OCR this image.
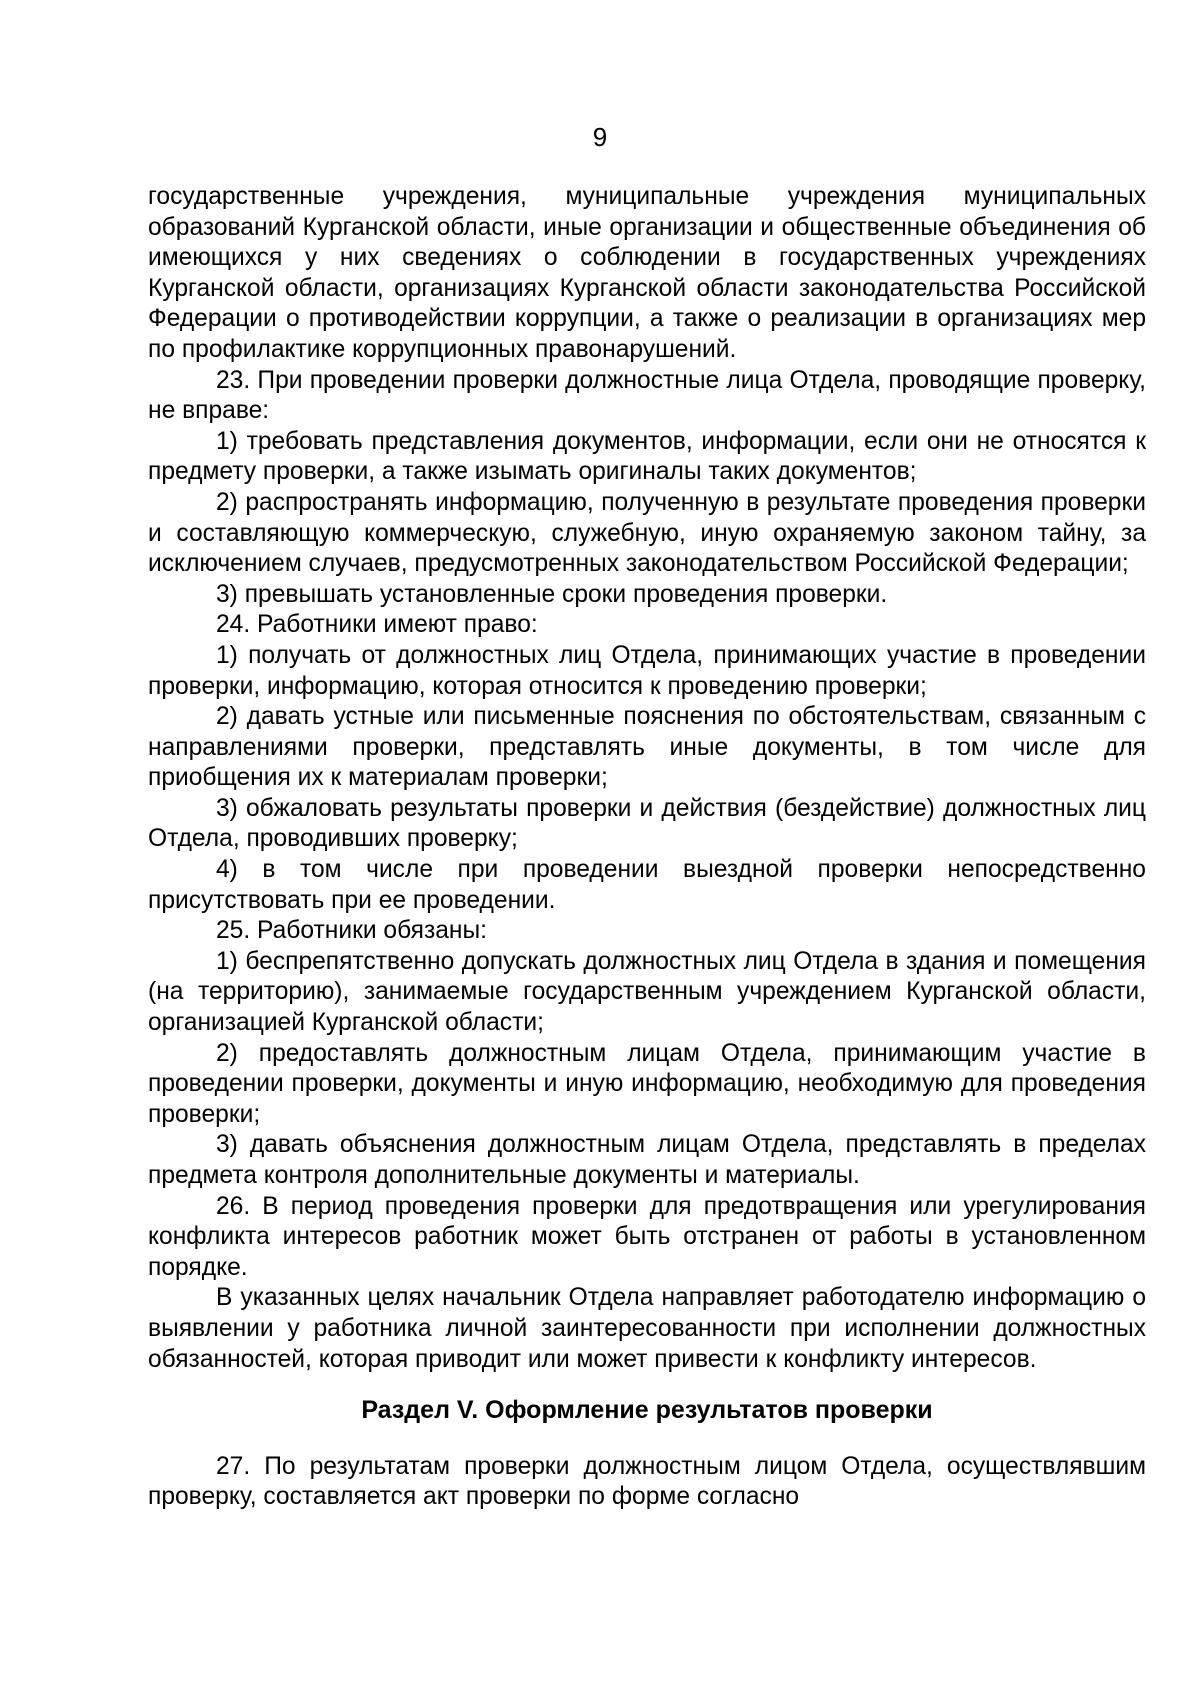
9

государственные учреждения, муниципальные учреждения муниципальных образований Курганской области, иные организации и общественные объединения об имеющихся у них сведениях о соблюдении в государственных учреждениях Курганской области, организациях Курганской области законодательства Российской Федерации о противодействии коррупции, а также о реализации в организациях мер по профилактике коррупционных правонарушений.

23. При проведении проверки должностные лица Отдела, проводящие проверку, не вправе:

1) требовать представления документов, информации, если они не относятся к предмету проверки, а также изымать оригиналы таких документов;

2) распространять информацию, полученную в результате проведения проверки и составляющую коммерческую, служебную, иную охраняемую законом тайну, за исключением случаев, предусмотренных законодательством Российской Федерации;

3) превышать установленные сроки проведения проверки.

24. Работники имеют право:

1) получать от должностных лиц Отдела, принимающих участие в проведении проверки, информацию, которая относится к проведению проверки;

2) давать устные или письменные пояснения по обстоятельствам, связанным с направлениями проверки, представлять иные документы, в том числе для приобщения их к материалам проверки;

3) обжаловать результаты проверки и действия (бездействие) должностных лиц Отдела, проводивших проверку;

4) в том числе при проведении выездной проверки непосредственно присутствовать при ее проведении.

25. Работники обязаны:

1) беспрепятственно допускать должностных лиц Отдела в здания и помещения (на территорию), занимаемые государственным учреждением Курганской области, организацией Курганской области;

2) предоставлять должностным лицам Отдела, принимающим участие в проведении проверки, документы и иную информацию, необходимую для проведения проверки;

3) давать объяснения должностным лицам Отдела, представлять в пределах предмета контроля дополнительные документы и материалы.

26. В период проведения проверки для предотвращения или урегулирования конфликта интересов работник может быть отстранен от работы в установленном порядке.

В указанных целях начальник Отдела направляет работодателю информацию о выявлении у работника личной заинтересованности при исполнении должностных обязанностей, которая приводит или может привести к конфликту интересов.

Раздел V. Оформление результатов проверки

27. По результатам проверки должностным лицом Отдела, осуществлявшим проверку, составляется акт проверки по форме согласно
